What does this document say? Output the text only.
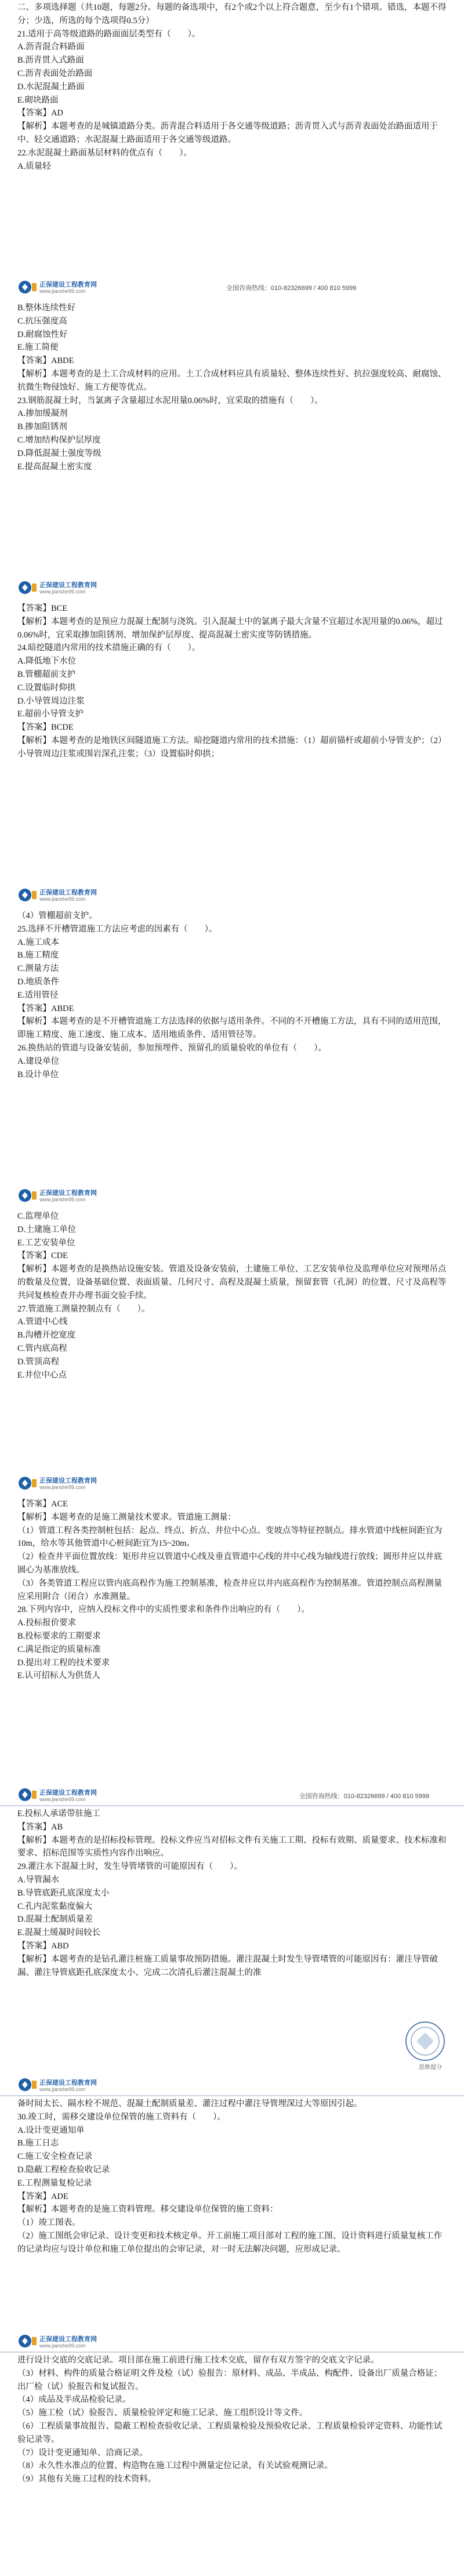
二、多项选择题（共10题，每题2分。每题的备选项中，有2个或2个以上符合题意，至少有1个错项。错选，本题不得分；少选，所选的每个选项得0.5分）

21.适用于高等级道路的路面面层类型有（　　）。

A.沥青混合料路面

B.沥青贯入式路面

C.沥青表面处治路面

D.水泥混凝土路面

E.砌块路面

【答案】AD

【解析】本题考查的是城镇道路分类。沥青混合料适用于各交通等级道路；沥青贯入式与沥青表面处治路面适用于中、轻交通道路；水泥混凝土路面适用于各交通等级道路。

22.水泥混凝土路面基层材料的优点有（　　）。

A.质量轻

正保建设工程教育网
www.jianshe99.com	全国咨询热线：010-82326699 / 400 810 5999

B.整体连续性好

C.抗压强度高

D.耐腐蚀性好

E.施工简便

【答案】ABDE

【解析】本题考查的是土工合成材料的应用。土工合成材料应具有质量轻、整体连续性好、抗拉强度较高、耐腐蚀、抗微生物侵蚀好、施工方便等优点。

23.钢筋混凝土时，当氯离子含量超过水泥用量0.06%时，宜采取的措施有（　　）。

A.掺加缓凝剂

B.掺加阻锈剂

C.增加结构保护层厚度

D.降低混凝土强度等级

E.提高混凝土密实度

正保建设工程教育网
www.jianshe99.com

【答案】BCE

【解析】本题考查的是预应力混凝土配制与浇筑。引入混凝土中的氯离子最大含量不宜超过水泥用量的0.06%，超过0.06%时，宜采取掺加阻锈剂、增加保护层厚度、提高混凝土密实度等防锈措施。

24.暗挖隧道内常用的技术措施正确的有（　　）。

A.降低地下水位

B.管棚超前支护

C.设置临时仰拱

D.小导管周边注浆

E.超前小导管支护

【答案】BCDE

【解析】本题考查的是地铁区间隧道施工方法。暗挖隧道内常用的技术措施：（1）超前锚杆或超前小导管支护；（2）小导管周边注浆或围岩深孔注浆；（3）设置临时仰拱；

正保建设工程教育网
www.jianshe99.com

（4）管棚超前支护。

25.选择不开槽管道施工方法应考虑的因素有（　　）。

A.施工成本

B.施工精度

C.测量方法

D.地质条件

E.适用管径

【答案】ABDE

【解析】本题考查的是不开槽管道施工方法选择的依据与适用条件。不同的不开槽施工方法，具有不同的适用范围，即施工精度、施工速度、施工成本、适用地质条件、适用管径等。

26.换热站的管道与设备安装前，参加预埋件、预留孔的质量验收的单位有（　　）。

A.建设单位

B.设计单位

正保建设工程教育网
www.jianshe99.com

C.监理单位

D.土建施工单位

E.工艺安装单位

【答案】CDE

【解析】本题考查的是换热站设施安装。管道及设备安装前，土建施工单位、工艺安装单位及监理单位应对预埋吊点的数量及位置，设备基础位置、表面质量、几何尺寸、高程及混凝土质量，预留套管（孔洞）的位置、尺寸及高程等共同复核检查并办理书面交验手续。

27.管道施工测量控制点有（　　）。

A.管道中心线

B.沟槽开挖宽度

C.管内底高程

D.管顶高程

E.井位中心点

正保建设工程教育网
www.jianshe99.com

【答案】ACE

【解析】本题考查的是施工测量技术要求。管道施工测量：

（1）管道工程各类控制桩包括：起点、终点、折点、井位中心点、变坡点等特征控制点。排水管道中线桩间距宜为10m，给水等其他管道中心桩间距宜为15~20m。

（2）检查井平面位置放线：矩形井应以管道中心线及垂直管道中心线的井中心线为轴线进行放线；圆形井应以井底圆心为基准放线。

（3）各类管道工程应以管内底高程作为施工控制基准，检查井应以井内底高程作为控制基准。管道控制点高程测量应采用附合（闭合）水准测量。

28.下列内容中，应纳入投标文件中的实质性要求和条件作出响应的有（　　）。

A.投标报价要求

B.投标要求的工期要求

C.满足指定的质量标准

D.提出对工程的技术要求

E.认可招标人为供货人

正保建设工程教育网
www.jianshe99.com	全国咨询热线：010-82326699 / 400 810 5999

E.投标人承诺带驻施工

【答案】AB

【解析】本题考查的是招标投标管理。投标文件应当对招标文件有关施工工期、投标有效期、质量要求、技术标准和要求、招标范围等实质性内容作出响应。

29.灌注水下混凝土时，发生导管堵管的可能原因有（　　）。

A.导管漏水

B.导管底距孔底深度太小

C.孔内泥浆黏度偏大

D.混凝土配制质量差

E.混凝土缓凝时间较长

【答案】ABD

【解析】本题考查的是钻孔灌注桩施工质量事故预防措施。灌注混凝土时发生导管堵管的可能原因有：灌注导管破漏、灌注导管底距孔底深度太小、完成二次清孔后灌注混凝土的准

思维提分
正保建设工程教育网
www.jianshe99.com

备时间太长、隔水栓不规范、混凝土配制质量差、灌注过程中灌注导管埋深过大等原因引起。

30.竣工时，需移交建设单位保管的施工资料有（　　）。

A.设计变更通知单

B.施工日志

C.施工安全检查记录

D.隐蔽工程检查验收记录

E.工程测量复检记录

【答案】ADE

【解析】本题考查的是施工资料管理。移交建设单位保管的施工资料：

（1）竣工图表。

（2）施工图纸会审记录、设计变更和技术核定单。开工前施工项目部对工程的施工图、设计资料进行质量复核工作的记录均应与设计单位和施工单位提出的会审记录，对一时无法解决问题，应形成记录。

正保建设工程教育网
www.jianshe99.com

进行设计交底的交底记录。项目部在施工前进行施工技术交底，留存有双方签字的交底文字记录。

（3）材料、构件的质量合格证明文件及检（试）验报告：原材料、成品、半成品、构配件、设备出厂质量合格证；出厂检（试）验报告和复试报告。

（4）成品及半成品检验记录。

（5）施工检（试）验报告、质量检验评定和施工记录、施工组织设计等文件。

（6）工程质量事故报告、隐蔽工程检查验收记录、工程质量检验及预验收记录、工程质量检验评定资料、功能性试验记录等。

（7）设计变更通知单、洽商记录。

（8）永久性水准点的位置、构造物在施工过程中测量定位记录，有关试验观测记录。

（9）其他有关施工过程的技术资料。
